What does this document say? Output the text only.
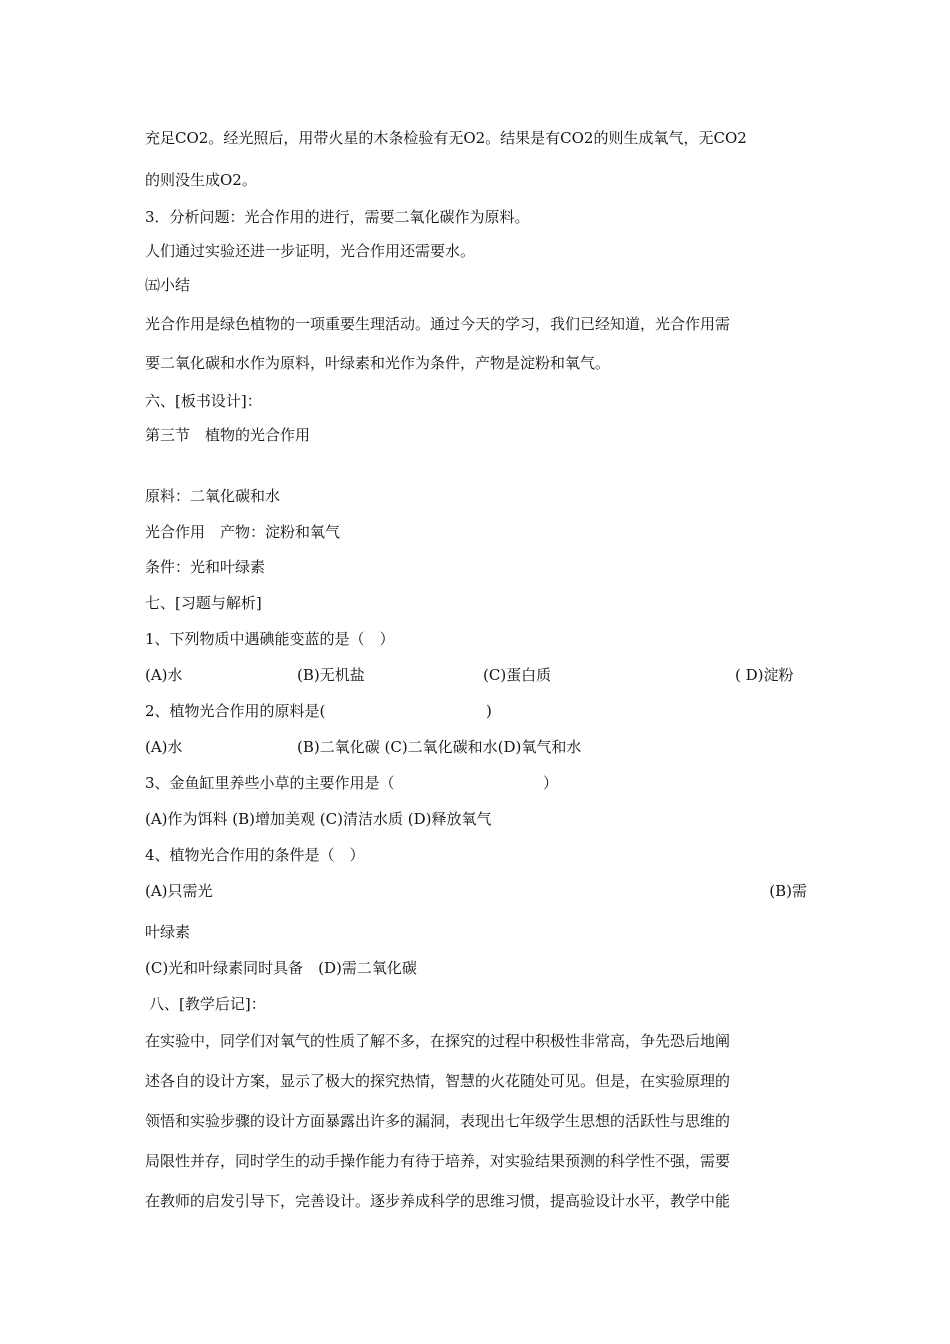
充足CO2。经光照后，用带火星的木条检验有无O2。结果是有CO2的则生成氧气，无CO2
的则没生成O2。
3．分析问题：光合作用的进行，需要二氧化碳作为原料。
人们通过实验还进一步证明，光合作用还需要水。
㈤小结
光合作用是绿色植物的一项重要生理活动。通过今天的学习，我们已经知道，光合作用需
要二氧化碳和水作为原料，叶绿素和光作为条件，产物是淀粉和氧气。
六、[板书设计]：
第三节　植物的光合作用
原料：二氧化碳和水
光合作用　产物：淀粉和氧气
条件：光和叶绿素
七、[习题与解析]
1、下列物质中遇碘能变蓝的是（　）
(A)水	(B)无机盐	(C)蛋白质	( D)淀粉
2、植物光合作用的原料是(	)
(A)水	(B)二氧化碳 (C)二氧化碳和水(D)氧气和水
3、金鱼缸里养些小草的主要作用是（	）
(A)作为饵料 (B)增加美观 (C)清洁水质 (D)释放氧气
4、植物光合作用的条件是（　）
(A)只需光	(B)需
叶绿素
(C)光和叶绿素同时具备　(D)需二氧化碳
八、[教学后记]：
在实验中，同学们对氧气的性质了解不多，在探究的过程中积极性非常高，争先恐后地阐
述各自的设计方案，显示了极大的探究热情，智慧的火花随处可见。但是，在实验原理的
领悟和实验步骤的设计方面暴露出许多的漏洞，表现出七年级学生思想的活跃性与思维的
局限性并存，同时学生的动手操作能力有待于培养，对实验结果预测的科学性不强，需要
在教师的启发引导下，完善设计。逐步养成科学的思维习惯，提高验设计水平，教学中能
